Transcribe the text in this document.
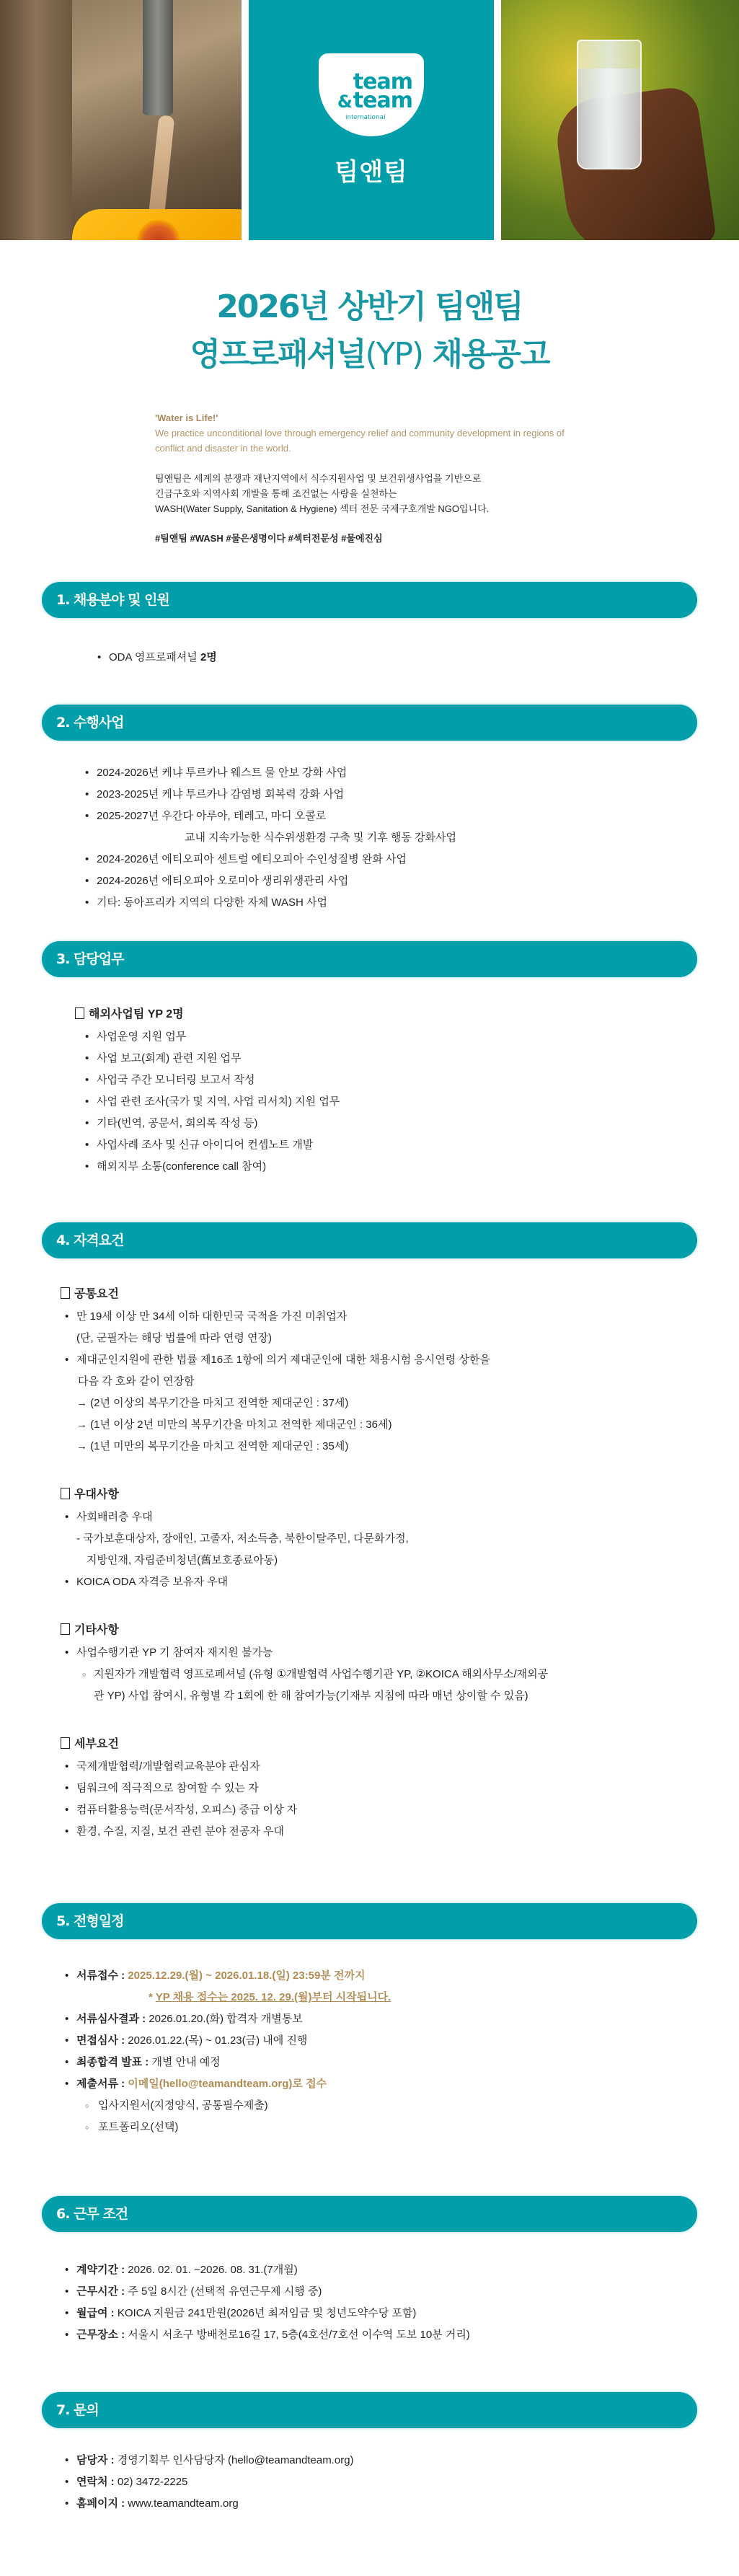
team
&team
international
팀앤팀
2026년 상반기 팀앤팀
영프로패셔널(YP) 채용공고
'Water is Life!'
We practice unconditional love through emergency relief and community development in regions of conflict and disaster in the world.
팀앤팀은 세계의 분쟁과 재난지역에서 식수지원사업 및 보건위생사업을 기반으로
긴급구호와 지역사회 개발을 통해 조건없는 사랑을 실천하는
WASH(Water Supply, Sanitation & Hygiene) 섹터 전문 국제구호개발 NGO입니다.
#팀앤팀 #WASH #물은생명이다 #섹터전문성 #물에진심
1. 채용분야 및 인원
• ODA 영프로패셔널 2명
2. 수행사업
• 2024-2026년 케냐 투르카나 웨스트 물 안보 강화 사업
• 2023-2025년 케냐 투르카나 감염병 회복력 강화 사업
• 2025-2027년 우간다 아루아, 테레고, 마디 오콜로
교내 지속가능한 식수위생환경 구축 및 기후 행동 강화사업
• 2024-2026년 에티오피아 센트럴 에티오피아 수인성질병 완화 사업
• 2024-2026년 에티오피아 오로미아 생리위생관리 사업
• 기타: 동아프리카 지역의 다양한 자체 WASH 사업
3. 담당업무
해외사업팀 YP 2명
• 사업운영 지원 업무
• 사업 보고(회계) 관련 지원 업무
• 사업국 주간 모니터링 보고서 작성
• 사업 관련 조사(국가 및 지역, 사업 리서치) 지원 업무
• 기타(번역, 공문서, 회의록 작성 등)
• 사업사례 조사 및 신규 아이디어 컨셉노트 개발
• 해외지부 소통(conference call 참여)
4. 자격요건
공통요건
• 만 19세 이상 만 34세 이하 대한민국 국적을 가진 미취업자
(단, 군필자는 해당 법률에 따라 연령 연장)
• 제대군인지원에 관한 법률 제16조 1항에 의거 제대군인에 대한 채용시험 응시연령 상한을
다음 각 호와 같이 연장함
→ (2년 이상의 복무기간을 마치고 전역한 제대군인 : 37세)
→ (1년 이상 2년 미만의 복무기간을 마치고 전역한 제대군인 : 36세)
→ (1년 미만의 복무기간을 마치고 전역한 제대군인 : 35세)
우대사항
• 사회배려층 우대
- 국가보훈대상자, 장애인, 고졸자, 저소득층, 북한이탈주민, 다문화가정,
지방인재, 자립준비청년(舊보호종료아동)
• KOICA ODA 자격증 보유자 우대
기타사항
• 사업수행기관 YP 기 참여자 재지원 불가능
○ 지원자가 개발협력 영프로페셔널 (유형 ①개발협력 사업수행기관 YP, ②KOICA 해외사무소/재외공
관 YP) 사업 참여시, 유형별 각 1회에 한 해 참여가능(기재부 지침에 따라 매년 상이할 수 있음)
세부요건
• 국제개발협력/개발협력교육분야 관심자
• 팀워크에 적극적으로 참여할 수 있는 자
• 컴퓨터활용능력(문서작성, 오피스) 중급 이상 자
• 환경, 수질, 지질, 보건 관련 분야 전공자 우대
5. 전형일정
• 서류접수 : 2025.12.29.(월) ~ 2026.01.18.(일) 23:59분 전까지
* YP 채용 접수는 2025. 12. 29.(월)부터 시작됩니다.
• 서류심사결과 : 2026.01.20.(화) 합격자 개별통보
• 면접심사 : 2026.01.22.(목) ~ 01.23(금) 내에 진행
• 최종합격 발표 : 개별 안내 예정
• 제출서류 : 이메일(hello@teamandteam.org)로 접수
○ 입사지원서(지정양식, 공통필수제출)
○ 포트폴리오(선택)
6. 근무 조건
• 계약기간 : 2026. 02. 01. ~2026. 08. 31.(7개월)
• 근무시간 : 주 5일 8시간 (선택적 유연근무제 시행 중)
• 월급여 : KOICA 지원금 241만원(2026년 최저임금 및 청년도약수당 포함)
• 근무장소 : 서울시 서초구 방배천로16길 17, 5층(4호선/7호선 이수역 도보 10분 거리)
7. 문의
• 담당자 : 경영기획부 인사담당자 (hello@teamandteam.org)
• 연락처 : 02) 3472-2225
• 홈페이지 : www.teamandteam.org
